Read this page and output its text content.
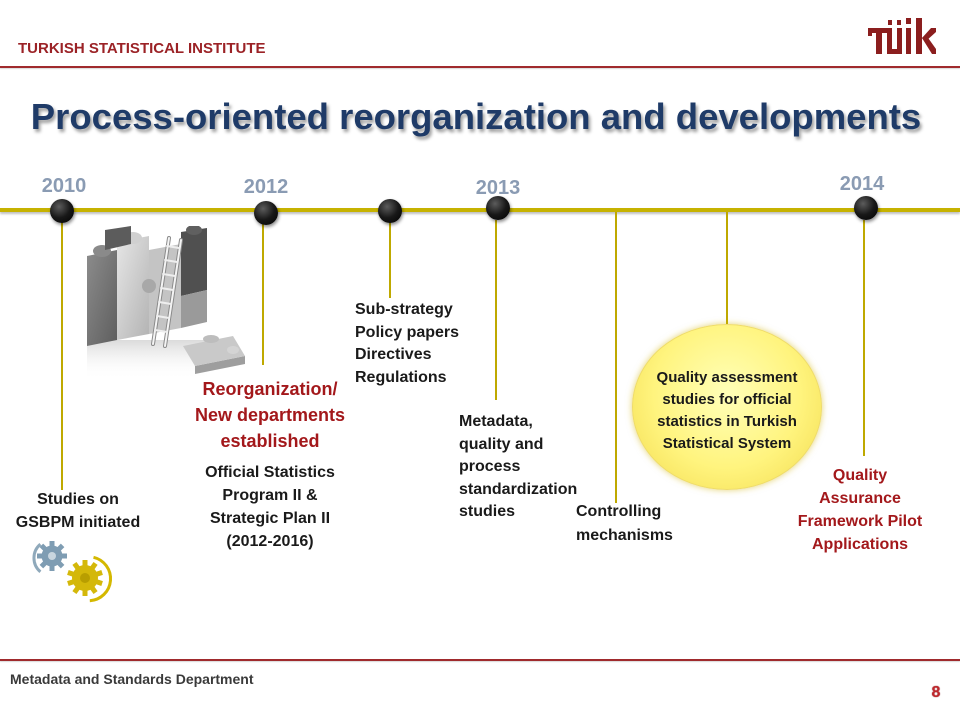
TURKISH STATISTICAL INSTITUTE
Process-oriented reorganization and developments
2010	2012	2013	2014
Studies on
GSBPM initiated
Reorganization/
New departments
established
Official Statistics
Program II &
Strategic Plan II
(2012-2016)
Sub-strategy
Policy papers
Directives
Regulations
Metadata,
quality and
process
standardization
studies	Controlling
mechanisms
Quality assessment
studies for official
statistics in Turkish
Statistical System
Quality
Assurance
Framework Pilot
Applications
Metadata and Standards Department
8
